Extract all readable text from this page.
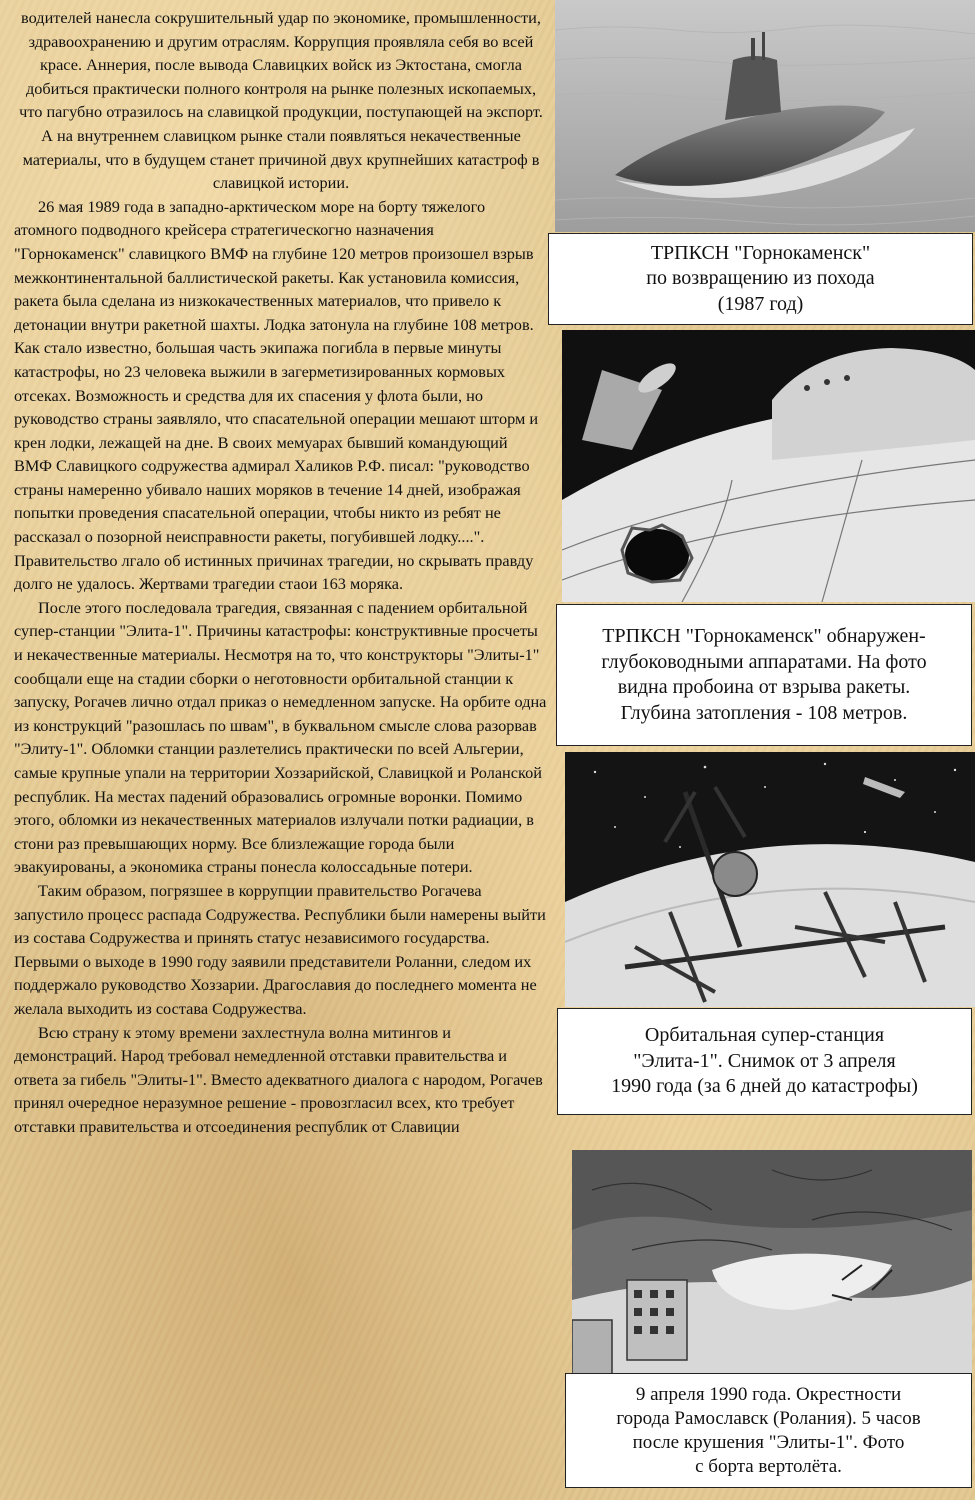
водителей нанесла сокрушительный удар по экономике, промышленности, здравоохранению и другим отраслям. Коррупция проявляла себя во всей красе. Аннерия, после вывода Славицких войск из Эктостана, смогла добиться практически полного контроля на рынке полезных ископаемых, что пагубно отразилось на славицкой продукции, поступающей на экспорт. А на внутреннем славицком рынке стали появляться некачественные материалы, что в будущем станет причиной двух крупнейших катастроф в славицкой истории.

26 мая 1989 года в западно-арктическом море на борту тяжелого атомного подводного крейсера стратегическогно назначения "Горнокаменск" славицкого ВМФ на глубине 120 метров произошел взрыв межконтинентальной баллистической ракеты. Как установила комиссия, ракета была сделана из низкокачественных материалов, что привело к детонации внутри ракетной шахты. Лодка затонула на глубине 108 метров. Как стало известно, большая часть экипажа погибла в первые минуты катастрофы, но 23 человека выжили в загерметизированных кормовых отсеках. Возможность и средства для их спасения у флота были, но руководство страны заявляло, что спасательной операции мешают шторм и крен лодки, лежащей на дне. В своих мемуарах бывший командующий ВМФ Славицкого содружества адмирал Халиков Р.Ф. писал: "руководство страны намеренно убивало наших моряков в течение 14 дней, изображая попытки проведения спасательной операции, чтобы никто из ребят не рассказал о позорной неисправности ракеты, погубившей лодку....". Правительство лгало об истинных причинах трагедии, но скрывать правду долго не удалось. Жертвами трагедии стаои 163 моряка.

После этого последовала трагедия, связанная с падением орбитальной супер-станции "Элита-1". Причины катастрофы: конструктивные просчеты и некачественные материалы. Несмотря на то, что конструкторы "Элиты-1" сообщали еще на стадии сборки о неготовности орбитальной станции к запуску, Рогачев лично отдал приказ о немедленном запуске. На орбите одна из конструкций "разошлась по швам", в буквальном смысле слова разорвав "Элиту-1". Обломки станции разлетелись практически по всей Альгерии, самые крупные упали на территории Хоззарийской, Славицкой и Роланской республик. На местах падений образовались огромные воронки. Помимо этого, обломки из некачественных материалов излучали потки радиации, в стони раз превышающих норму. Все близлежащие города были эвакуированы, а экономика страны понесла колоссадьные потери.

Таким образом, погрязшее в коррупции правительство Рогачева запустило процесс распада Содружества. Республики были намерены выйти из состава Содружества и принять статус независимого государства. Первыми о выходе в 1990 году заявили представители Роланни, следом их поддержало руководство Хоззарии. Драгославия до последнего момента не желала выходить из состава Содружества.

Всю страну к этому времени захлестнула волна митингов и демонстраций. Народ требовал немедленной отставки правительства и ответа за гибель "Элиты-1". Вместо адекватного диалога с народом, Рогачев принял очередное неразумное решение - провозгласил всех, кто требует отставки правительства и отсоединения республик от Славиции

ТРПКСН "Горнокаменск"
по возвращению из похода
(1987 год)
ТРПКСН "Горнокаменск" обнаружен-
глубоководными аппаратами. На фото
видна пробоина от взрыва ракеты.
Глубина затопления - 108 метров.
Орбитальная супер-станция
"Элита-1". Снимок от 3 апреля
1990 года (за 6 дней до катастрофы)
9 апреля 1990 года. Окрестности
города Рамославск (Ролания). 5 часов
после крушения "Элиты-1". Фото
с борта вертолёта.
